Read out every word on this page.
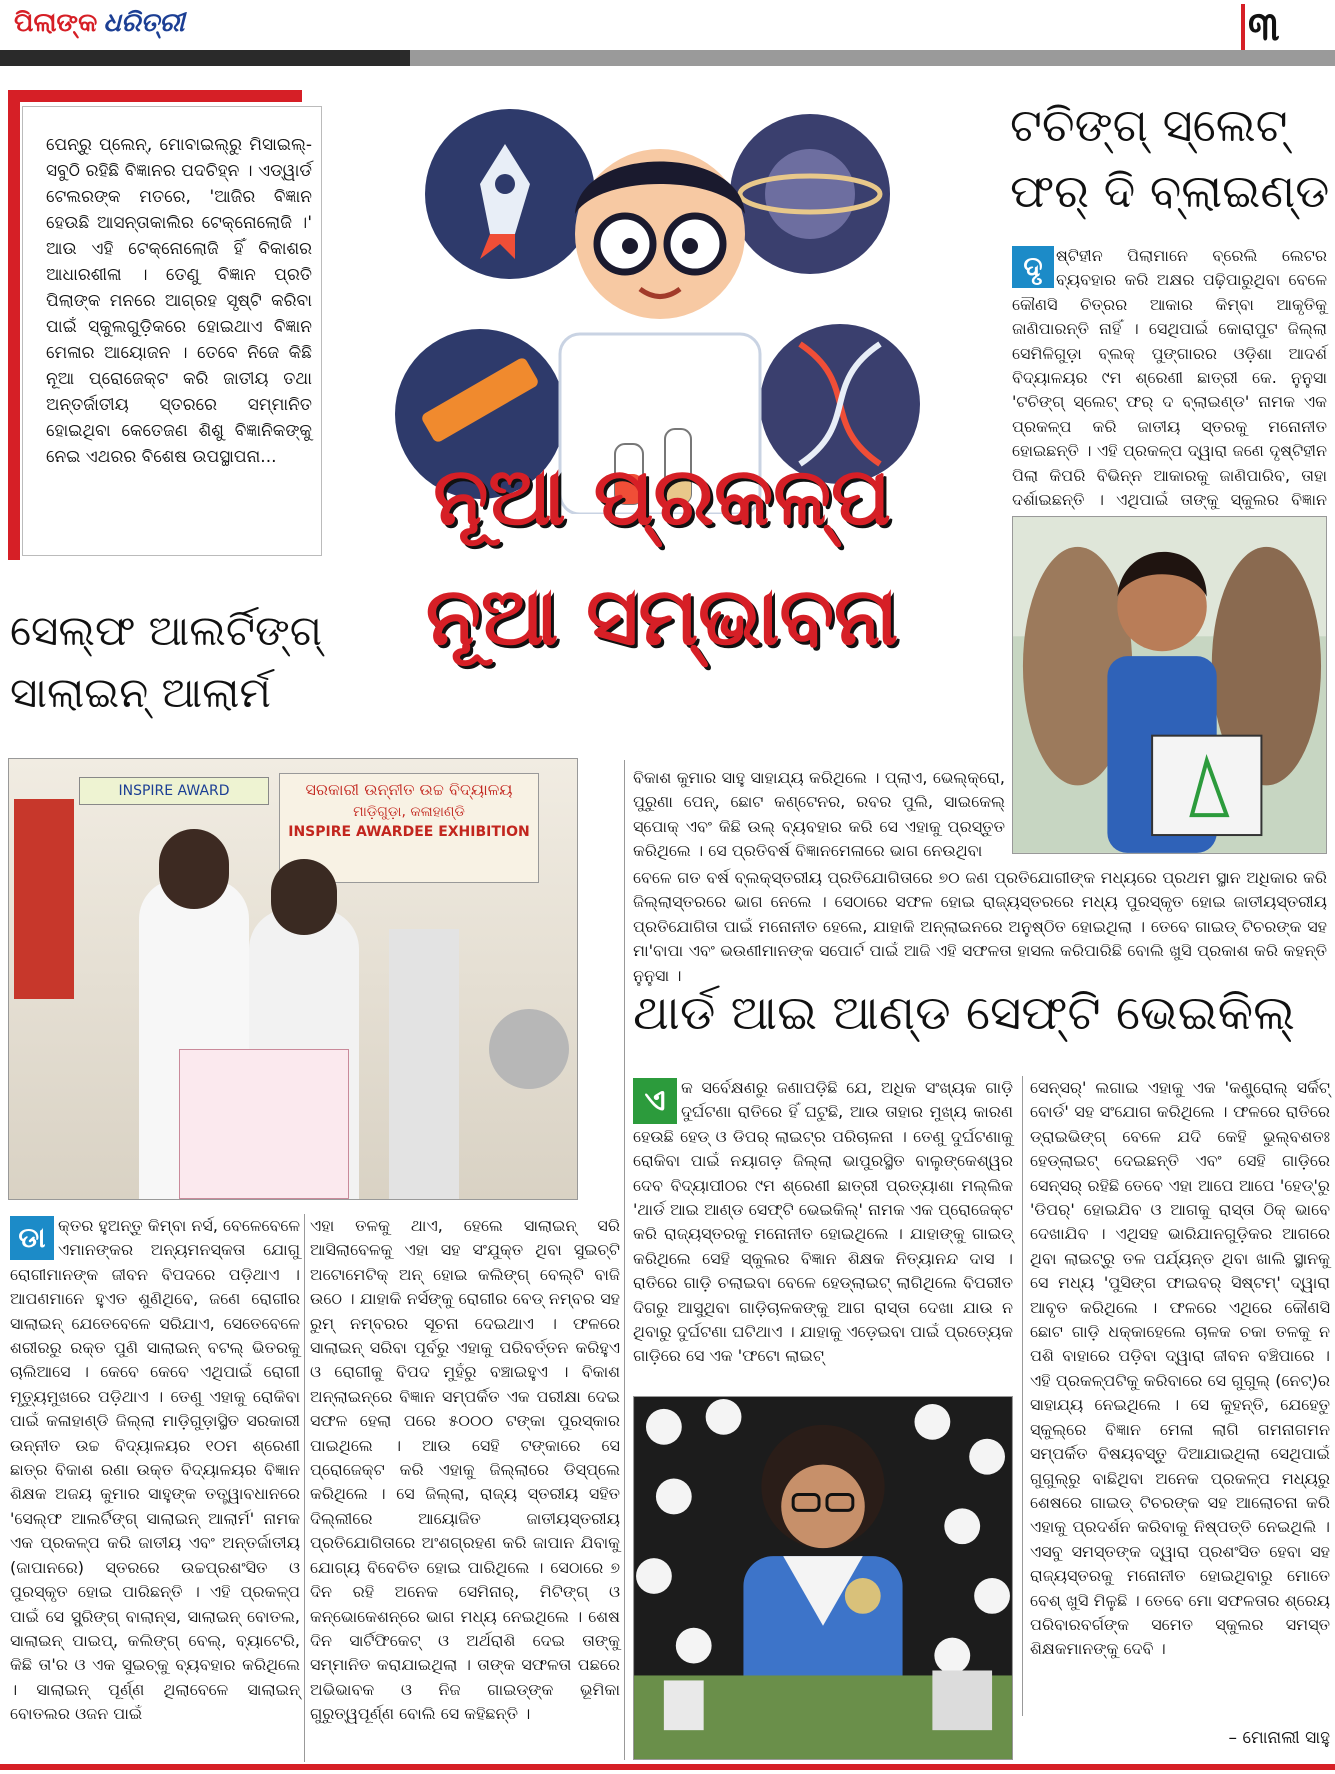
ପିଲାଙ୍କ ଧରିତ୍ରୀ	୩
ପେନ୍‌ରୁ ପ୍ଲେନ୍, ମୋବାଇଲ୍‌ରୁ ମିସାଇଲ୍-ସବୁଠି ରହିଛି ବିଜ୍ଞାନର ପଦଚିହ୍ନ । ଏଡ୍‌ୱାର୍ଡ ଟେଲରଙ୍କ ମତରେ, 'ଆଜିର ବିଜ୍ଞାନ ହେଉଛି ଆସନ୍ତାକାଲିର ଟେକ୍‌ନୋଲୋଜି ।' ଆଉ ଏହି ଟେକ୍‌ନୋଲୋଜି ହିଁ ବିକାଶର ଆଧାରଶୀଳା । ତେଣୁ ବିଜ୍ଞାନ ପ୍ରତି ପିଲାଙ୍କ ମନରେ ଆଗ୍ରହ ସୃଷ୍ଟି କରିବା ପାଇଁ ସ୍କୁଲଗୁଡ଼ିକରେ ହୋଇଥାଏ ବିଜ୍ଞାନ ମେଳାର ଆୟୋଜନ । ତେବେ ନିଜେ କିଛି ନୂଆ ପ୍ରୋଜେକ୍ଟ କରି ଜାତୀୟ ତଥା ଅନ୍ତର୍ଜାତୀୟ ସ୍ତରରେ ସମ୍ମାନିତ ହୋଇଥିବା କେତେଜଣ ଶିଶୁ ବିଜ୍ଞାନିକଙ୍କୁ ନେଇ ଏଥରର ବିଶେଷ ଉପସ୍ଥାପନା...	ନୂଆ ପ୍ରକଳ୍ପ
ନୂଆ ସମ୍ଭାବନା
ସେଲ୍ଫ ଆଲର୍ଟିଙ୍ଗ୍
ସାଲାଇନ୍ ଆଲାର୍ମ
ଟଚିଙ୍ଗ୍ ସ୍ଲେଟ୍
ଫର୍ ଦି ବ୍ଲାଇଣ୍ଡ
ଷ୍ଟିହୀନ ପିଲାମାନେ ବ୍ରେଲି ଲେଟର ବ୍ୟବହାର କରି ଅକ୍ଷର ପଢ଼ିପାରୁଥିବା ବେଳେ କୌଣସି ଚିତ୍ରର ଆକାର କିମ୍ବା ଆକୃତିକୁ ଜାଣିପାରନ୍ତି ନାହିଁ । ସେଥିପାଇଁ କୋରାପୁଟ ଜିଲ୍ଲା ସେମିଳିଗୁଡ଼ା ବ୍ଲକ୍ ପୁଙ୍ଗାରର ଓଡ଼ିଶା ଆଦର୍ଶ ବିଦ୍ୟାଳୟର ୯ମ ଶ୍ରେଣୀ ଛାତ୍ରୀ କେ. ନୁନୁସା 'ଟଚିଙ୍ଗ୍ ସ୍ଲେଟ୍ ଫର୍ ଦ ବ୍ଲାଇଣ୍ଡ' ନାମକ ଏକ ପ୍ରକଳ୍ପ କରି ଜାତୀୟ ସ୍ତରକୁ ମନୋନୀତ ହୋଇଛନ୍ତି । ଏହି ପ୍ରକଳ୍ପ ଦ୍ୱାରା ଜଣେ ଦୃଷ୍ଟିହୀନ ପିଲା କିପରି ବିଭିନ୍ନ ଆକାରକୁ ଜାଣିପାରିବ, ତାହା ଦର୍ଶାଇଛନ୍ତି । ଏଥିପାଇଁ ତାଙ୍କୁ ସ୍କୁଲର ବିଜ୍ଞାନ
ଦୃ
ବିକାଶ କୁମାର ସାହୁ ସାହାଯ୍ୟ କରିଥିଲେ । ପ୍ଲାଏ, ଭେଲ୍‌କ୍ରୋ, ପୁରୁଣା ପେନ୍, ଛୋଟ କଣ୍ଟେନର, ରବର ପୁଲି, ସାଇକେଲ୍ ସ୍ପୋକ୍ ଏବଂ କିଛି ଉଲ୍ ବ୍ୟବହାର କରି ସେ ଏହାକୁ ପ୍ରସ୍ତୁତ କରିଥିଲେ । ସେ ପ୍ରତିବର୍ଷ ବିଜ୍ଞାନମେଳାରେ ଭାଗ ନେଉଥିବା
ବେଳେ ଗତ ବର୍ଷ ବ୍ଲକ୍‌ସ୍ତରୀୟ ପ୍ରତିଯୋଗିତାରେ ୭୦ ଜଣ ପ୍ରତିଯୋଗୀଙ୍କ ମଧ୍ୟରେ ପ୍ରଥମ ସ୍ଥାନ ଅଧିକାର କରି ଜିଲ୍ଲାସ୍ତରରେ ଭାଗ ନେଲେ । ସେଠାରେ ସଫଳ ହୋଇ ରାଜ୍ୟସ୍ତରରେ ମଧ୍ୟ ପୁରସ୍କୃତ ହୋଇ ଜାତୀୟସ୍ତରୀୟ ପ୍ରତିଯୋଗିତା ପାଇଁ ମନୋନୀତ ହେଲେ, ଯାହାକି ଅନ୍‌ଲାଇନରେ ଅନୁଷ୍ଠିତ ହୋଇଥିଲା । ତେବେ ଗାଇଡ୍ ଟିଚରଙ୍କ ସହ ମା'ବାପା ଏବଂ ଭଉଣୀମାନଙ୍କ ସପୋର୍ଟ ପାଇଁ ଆଜି ଏହି ସଫଳତା ହାସଲ କରିପାରିଛି ବୋଲି ଖୁସି ପ୍ରକାଶ କରି କହନ୍ତି ନୁନୁସା ।
INSPIRE AWARD	ସରକାରୀ ଉନ୍ନୀତ ଉଚ୍ଚ ବିଦ୍ୟାଳୟ
ମାଡ଼ିଗୁଡ଼ା, କଳାହାଣ୍ଡି
INSPIRE AWARDEE EXHIBITION
ଥାର୍ଡ ଆଇ ଆଣ୍ଡ ସେଫ୍ଟି ଭେଇକିଲ୍
କ୍ତର ହୁଅନ୍ତୁ କିମ୍ବା ନର୍ସ, ବେଳେବେଳେ ଏମାନଙ୍କର ଅନ୍ୟମନସ୍କତା ଯୋଗୁ ରୋଗୀମାନଙ୍କ ଜୀବନ ବିପଦରେ ପଡ଼ିଥାଏ । ଆପଣମାନେ ହୁଏତ ଶୁଣିଥିବେ, ଜଣେ ରୋଗୀର ସାଲାଇନ୍ ଯେତେବେଳେ ସରିଯାଏ, ସେତେବେଳେ ଶରୀରରୁ ରକ୍ତ ପୁଣି ସାଲାଇନ୍ ବଟଲ୍ ଭିତରକୁ ଚାଲିଆସେ । କେବେ କେବେ ଏଥିପାଇଁ ରୋଗୀ ମୃତ୍ୟୁମୁଖରେ ପଡ଼ିଥାଏ । ତେଣୁ ଏହାକୁ ରୋକିବା ପାଇଁ କଳାହାଣ୍ଡି ଜିଲ୍ଲା ମାଡ଼ିଗୁଡ଼ାସ୍ଥିତ ସରକାରୀ ଉନ୍ନୀତ ଉଚ୍ଚ ବିଦ୍ୟାଳୟର ୧୦ମ ଶ୍ରେଣୀ ଛାତ୍ର ବିକାଶ ରଣା ଉକ୍ତ ବିଦ୍ୟାଳୟର ବିଜ୍ଞାନ ଶିକ୍ଷକ ଅଜୟ କୁମାର ସାହୁଙ୍କ ତତ୍ତ୍ୱାବଧାନରେ 'ସେଲ୍ଫ ଆଲର୍ଟିଙ୍ଗ୍ ସାଲାଇନ୍ ଆଲାର୍ମ' ନାମକ ଏକ ପ୍ରକଳ୍ପ କରି ଜାତୀୟ ଏବଂ ଅନ୍ତର୍ଜାତୀୟ (ଜାପାନରେ) ସ୍ତରରେ ଉଚ୍ଚପ୍ରଶଂସିତ ଓ ପୁରସ୍କୃତ ହୋଇ ପାରିଛନ୍ତି । ଏହି ପ୍ରକଳ୍ପ ପାଇଁ ସେ ସ୍ପ୍ରିଙ୍ଗ୍ ବାଲାନ୍ସ, ସାଲାଇନ୍ ବୋତଲ, ସାଲାଇନ୍ ପାଇପ୍, କଲିଙ୍ଗ୍ ବେଲ୍, ବ୍ୟାଟେରି, କିଛି ତା'ର ଓ ଏକ ସୁଇଚ୍‌କୁ ବ୍ୟବହାର କରିଥିଲେ । ସାଲାଇନ୍ ପୂର୍ଣ୍ଣ ଥିଲାବେଳେ ସାଲାଇନ୍ ବୋତଲର ଓଜନ ପାଇଁ
ଡା	ଏହା ତଳକୁ ଥାଏ, ହେଲେ ସାଲାଇନ୍ ସରି ଆସିଲାବେଳକୁ ଏହା ସହ ସଂଯୁକ୍ତ ଥିବା ସୁଇଚ୍‌ଟି ଅଟୋମେଟିକ୍ ଅନ୍ ହୋଇ କଲିଙ୍ଗ୍ ବେଲ୍‌ଟି ବାଜି ଉଠେ । ଯାହାକି ନର୍ସଙ୍କୁ ରୋଗୀର ବେଡ୍ ନମ୍ବର ସହ ରୁମ୍ ନମ୍ବରର ସୂଚନା ଦେଇଥାଏ । ଫଳରେ ସାଲାଇନ୍ ସରିବା ପୂର୍ବରୁ ଏହାକୁ ପରିବର୍ତ୍ତନ କରିହୁଏ ଓ ରୋଗୀକୁ ବିପଦ ମୁହଁରୁ ବଞ୍ଚାଇହୁଏ । ବିକାଶ ଅନ୍‌ଲାଇନ୍‌ରେ ବିଜ୍ଞାନ ସମ୍ପର୍କିତ ଏକ ପରୀକ୍ଷା ଦେଇ ସଫଳ ହେଲା ପରେ ୫୦୦୦ ଟଙ୍କା ପୁରସ୍କାର ପାଇଥିଲେ । ଆଉ ସେହି ଟଙ୍କାରେ ସେ ପ୍ରୋଜେକ୍ଟ କରି ଏହାକୁ ଜିଲ୍ଲାରେ ଡିସ୍‌ପ୍ଲେ କରିଥିଲେ । ସେ ଜିଲ୍ଲା, ରାଜ୍ୟ ସ୍ତରୀୟ ସହିତ ଦିଲ୍ଲୀରେ ଆୟୋଜିତ ଜାତୀୟସ୍ତରୀୟ ପ୍ରତିଯୋଗିତାରେ ଅଂଶଗ୍ରହଣ କରି ଜାପାନ ଯିବାକୁ ଯୋଗ୍ୟ ବିବେଚିତ ହୋଇ ପାରିଥିଲେ । ସେଠାରେ ୭ ଦିନ ରହି ଅନେକ ସେମିନାର୍, ମିଟିଙ୍ଗ୍ ଓ କନ୍‌ଭୋକେଶନ୍‌ରେ ଭାଗ ମଧ୍ୟ ନେଇଥିଲେ । ଶେଷ ଦିନ ସାର୍ଟିଫିକେଟ୍ ଓ ଅର୍ଥରାଶି ଦେଇ ତାଙ୍କୁ ସମ୍ମାନିତ କରାଯାଇଥିଲା । ତାଙ୍କ ସଫଳତା ପଛରେ ଅଭିଭାବକ ଓ ନିଜ ଗାଇଡ୍‌ଙ୍କ ଭୂମିକା ଗୁରୁତ୍ୱପୂର୍ଣ୍ଣ ବୋଲି ସେ କହିଛନ୍ତି ।
କ ସର୍ବେକ୍ଷଣରୁ ଜଣାପଡ଼ିଛି ଯେ, ଅଧିକ ସଂଖ୍ୟକ ଗାଡ଼ି ଦୁର୍ଘଟଣା ରାତିରେ ହିଁ ଘଟୁଛି, ଆଉ ତାହାର ମୁଖ୍ୟ କାରଣ ହେଉଛି ହେଡ୍ ଓ ଡିପର୍ ଲାଇଟ୍‌ର ପରିଚାଳନା । ତେଣୁ ଦୁର୍ଘଟଣାକୁ ରୋକିବା ପାଇଁ ନୟାଗଡ଼ ଜିଲ୍ଲା ଭାପୁରସ୍ଥିତ ବାଲୁଙ୍କେଶ୍ୱର ଦେବ ବିଦ୍ୟାପୀଠର ୯ମ ଶ୍ରେଣୀ ଛାତ୍ରୀ ପ୍ରତ୍ୟାଶା ମଲ୍ଲିକ 'ଥାର୍ଡ ଆଇ ଆଣ୍ଡ ସେଫ୍ଟି ଭେଇକିଲ୍' ନାମକ ଏକ ପ୍ରୋଜେକ୍ଟ କରି ରାଜ୍ୟସ୍ତରକୁ ମନୋନୀତ ହୋଇଥିଲେ । ଯାହାଙ୍କୁ ଗାଇଡ୍ କରିଥିଲେ ସେହି ସ୍କୁଲର ବିଜ୍ଞାନ ଶିକ୍ଷକ ନିତ୍ୟାନନ୍ଦ ଦାସ । ରାତିରେ ଗାଡ଼ି ଚଲାଇବା ବେଳେ ହେଡ୍‌ଲାଇଟ୍ ଲାଗିଥିଲେ ବିପରୀତ ଦିଗରୁ ଆସୁଥିବା ଗାଡ଼ିଚାଳକଙ୍କୁ ଆଗ ରାସ୍ତା ଦେଖା ଯାଉ ନ ଥିବାରୁ ଦୁର୍ଘଟଣା ଘଟିଥାଏ । ଯାହାକୁ ଏଡ଼େଇବା ପାଇଁ ପ୍ରତ୍ୟେକ ଗାଡ଼ିରେ ସେ ଏକ 'ଫଟୋ ଲାଇଟ୍
ଏ	ସେନ୍ସର୍' ଲଗାଇ ଏହାକୁ ଏକ 'କଣ୍ଟ୍ରୋଲ୍ ସର୍କିଟ୍ ବୋର୍ଡ' ସହ ସଂଯୋଗ କରିଥିଲେ । ଫଳରେ ରାତିରେ ଡ୍ରାଇଭିଙ୍ଗ୍ ବେଳେ ଯଦି କେହି ଭୁଲ୍‌ବଶତଃ ହେଡ୍‌ଲାଇଟ୍ ଦେଇଛନ୍ତି ଏବଂ ସେହି ଗାଡ଼ିରେ ସେନ୍ସର୍ ରହିଛି ତେବେ ଏହା ଆପେ ଆପେ 'ହେଡ୍'ରୁ 'ଡିପର୍' ହୋଇଯିବ ଓ ଆଗକୁ ରାସ୍ତା ଠିକ୍ ଭାବେ ଦେଖାଯିବ । ଏଥିସହ ଭାରିଯାନଗୁଡ଼ିକର ଆଗରେ ଥିବା ଲାଇଟ୍‌ରୁ ତଳ ପର୍ଯ୍ୟନ୍ତ ଥିବା ଖାଲି ସ୍ଥାନକୁ ସେ ମଧ୍ୟ 'ପୁସିଙ୍ଗ ଫାଇବର୍ ସିଷ୍ଟମ୍' ଦ୍ୱାରା ଆବୃତ କରିଥିଲେ । ଫଳରେ ଏଥିରେ କୌଣସି ଛୋଟ ଗାଡ଼ି ଧକ୍କାହେଲେ ଚାଳକ ଚକା ତଳକୁ ନ ପଶି ବାହାରେ ପଡ଼ିବା ଦ୍ୱାରା ଜୀବନ ବଞ୍ଚିପାରେ । ଏହି ପ୍ରକଳ୍ପଟିକୁ କରିବାରେ ସେ ଗୁଗୁଲ୍ (ନେଟ୍)ର ସାହାଯ୍ୟ ନେଇଥିଲେ । ସେ କୁହନ୍ତି, ଯେହେତୁ ସ୍କୁଲ୍‌ରେ ବିଜ୍ଞାନ ମେଳା ଲାଗି ଗମନାଗମନ ସମ୍ପର୍କିତ ବିଷୟବସ୍ତୁ ଦିଆଯାଇଥିଲା ସେଥିପାଇଁ ଗୁଗୁଲ୍‌ରୁ ବାଛିଥିବା ଅନେକ ପ୍ରକଳ୍ପ ମଧ୍ୟରୁ ଶେଷରେ ଗାଇଡ୍ ଟିଚରଙ୍କ ସହ ଆଲୋଚନା କରି ଏହାକୁ ପ୍ରଦର୍ଶନ କରିବାକୁ ନିଷ୍ପତ୍ତି ନେଇଥିଲି । ଏସବୁ ସମସ୍ତଙ୍କ ଦ୍ୱାରା ପ୍ରଶଂସିତ ହେବା ସହ ରାଜ୍ୟସ୍ତରକୁ ମନୋନୀତ ହୋଇଥିବାରୁ ମୋତେ ବେଶ୍ ଖୁସି ମିଳୁଛି । ତେବେ ମୋ ସଫଳତାର ଶ୍ରେୟ ପରିବାରବର୍ଗଙ୍କ ସମେତ ସ୍କୁଲର ସମସ୍ତ ଶିକ୍ଷକମାନଙ୍କୁ ଦେବି ।
– ମୋନାଲୀ ସାହୁ
